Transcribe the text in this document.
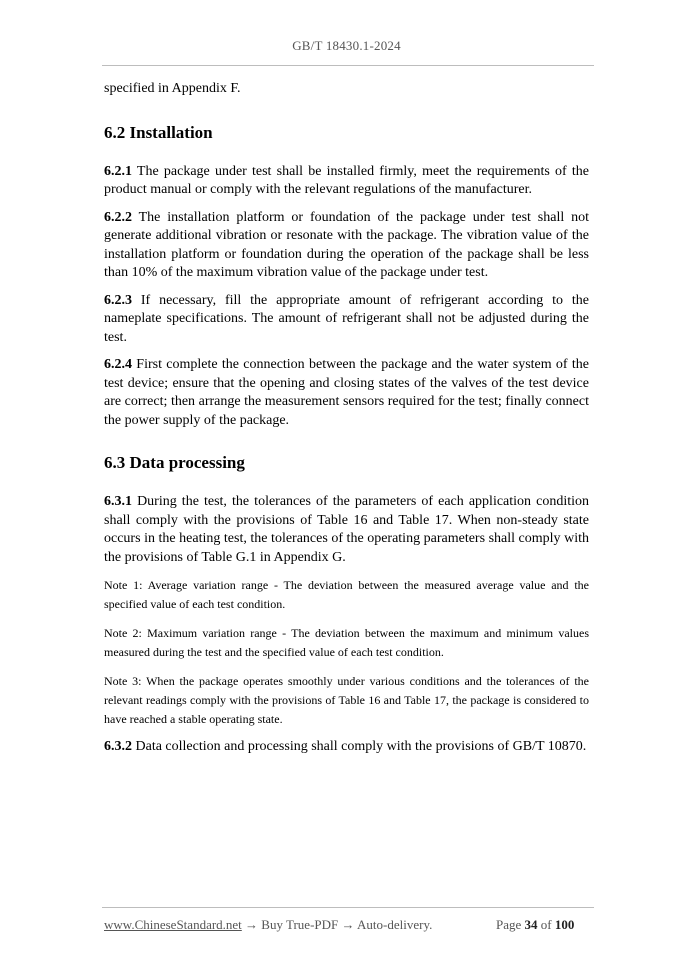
GB/T 18430.1-2024

specified in Appendix F.

6.2 Installation

6.2.1 The package under test shall be installed firmly, meet the requirements of the product manual or comply with the relevant regulations of the manufacturer.

6.2.2 The installation platform or foundation of the package under test shall not generate additional vibration or resonate with the package. The vibration value of the installation platform or foundation during the operation of the package shall be less than 10% of the maximum vibration value of the package under test.

6.2.3 If necessary, fill the appropriate amount of refrigerant according to the nameplate specifications. The amount of refrigerant shall not be adjusted during the test.

6.2.4 First complete the connection between the package and the water system of the test device; ensure that the opening and closing states of the valves of the test device are correct; then arrange the measurement sensors required for the test; finally connect the power supply of the package.

6.3 Data processing

6.3.1 During the test, the tolerances of the parameters of each application condition shall comply with the provisions of Table 16 and Table 17. When non-steady state occurs in the heating test, the tolerances of the operating parameters shall comply with the provisions of Table G.1 in Appendix G.

Note 1: Average variation range - The deviation between the measured average value and the specified value of each test condition.

Note 2: Maximum variation range - The deviation between the maximum and minimum values measured during the test and the specified value of each test condition.

Note 3: When the package operates smoothly under various conditions and the tolerances of the relevant readings comply with the provisions of Table 16 and Table 17, the package is considered to have reached a stable operating state.

6.3.2 Data collection and processing shall comply with the provisions of GB/T 10870.

www.ChineseStandard.net → Buy True-PDF → Auto-delivery.	Page 34 of 100
